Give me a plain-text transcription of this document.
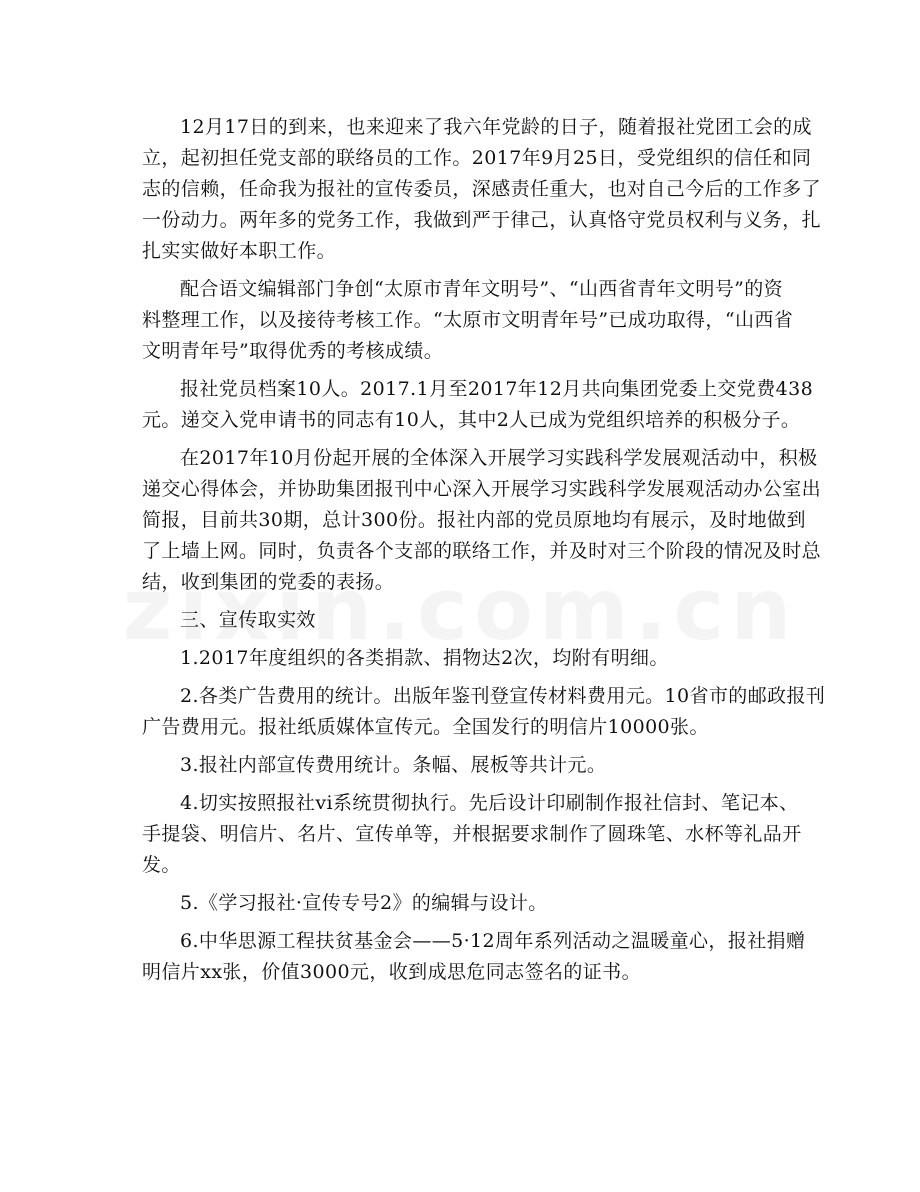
12月17日的到来，也来迎来了我六年党龄的日子，随着报社党团工会的成
立，起初担任党支部的联络员的工作。2017年9月25日，受党组织的信任和同
志的信赖，任命我为报社的宣传委员，深感责任重大，也对自己今后的工作多了
一份动力。两年多的党务工作，我做到严于律己，认真恪守党员权利与义务，扎
扎实实做好本职工作。

配合语文编辑部门争创“太原市青年文明号”、“山西省青年文明号”的资
料整理工作，以及接待考核工作。“太原市文明青年号”已成功取得，“山西省
文明青年号”取得优秀的考核成绩。

报社党员档案10人。2017.1月至2017年12月共向集团党委上交党费438
元。递交入党申请书的同志有10人，其中2人已成为党组织培养的积极分子。

在2017年10月份起开展的全体深入开展学习实践科学发展观活动中，积极
递交心得体会，并协助集团报刊中心深入开展学习实践科学发展观活动办公室出
简报，目前共30期，总计300份。报社内部的党员原地均有展示，及时地做到
了上墙上网。同时，负责各个支部的联络工作，并及时对三个阶段的情况及时总
结，收到集团的党委的表扬。

三、宣传取实效

1.2017年度组织的各类捐款、捐物达2次，均附有明细。

2.各类广告费用的统计。出版年鉴刊登宣传材料费用元。10省市的邮政报刊
广告费用元。报社纸质媒体宣传元。全国发行的明信片10000张。

3.报社内部宣传费用统计。条幅、展板等共计元。

4.切实按照报社vi系统贯彻执行。先后设计印刷制作报社信封、笔记本、
手提袋、明信片、名片、宣传单等，并根据要求制作了圆珠笔、水杯等礼品开
发。

5.《学习报社·宣传专号2》的编辑与设计。

6.中华思源工程扶贫基金会——5·12周年系列活动之温暖童心，报社捐赠
明信片xx张，价值3000元，收到成思危同志签名的证书。
